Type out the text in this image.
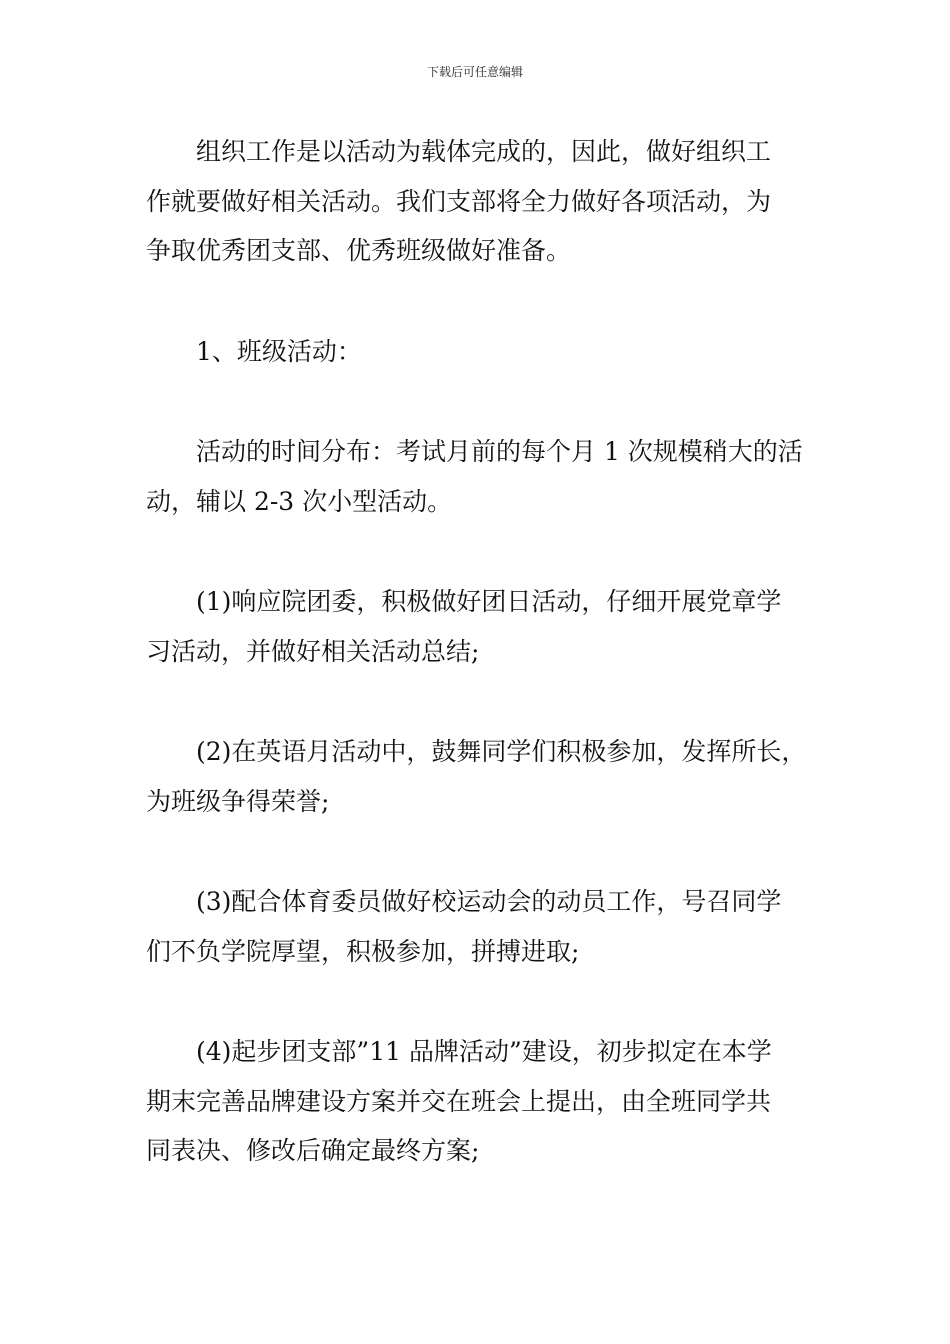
下载后可任意编辑

组织工作是以活动为载体完成的，因此，做好组织工
作就要做好相关活动。我们支部将全力做好各项活动，为
争取优秀团支部、优秀班级做好准备。

1、班级活动：

活动的时间分布：考试月前的每个月 1 次规模稍大的活
动，辅以 2-3 次小型活动。

(1)响应院团委，积极做好团日活动，仔细开展党章学
习活动，并做好相关活动总结;

(2)在英语月活动中，鼓舞同学们积极参加，发挥所长，
为班级争得荣誉;

(3)配合体育委员做好校运动会的动员工作，号召同学
们不负学院厚望，积极参加，拼搏进取;

(4)起步团支部”11 品牌活动”建设，初步拟定在本学
期末完善品牌建设方案并交在班会上提出，由全班同学共
同表决、修改后确定最终方案;
